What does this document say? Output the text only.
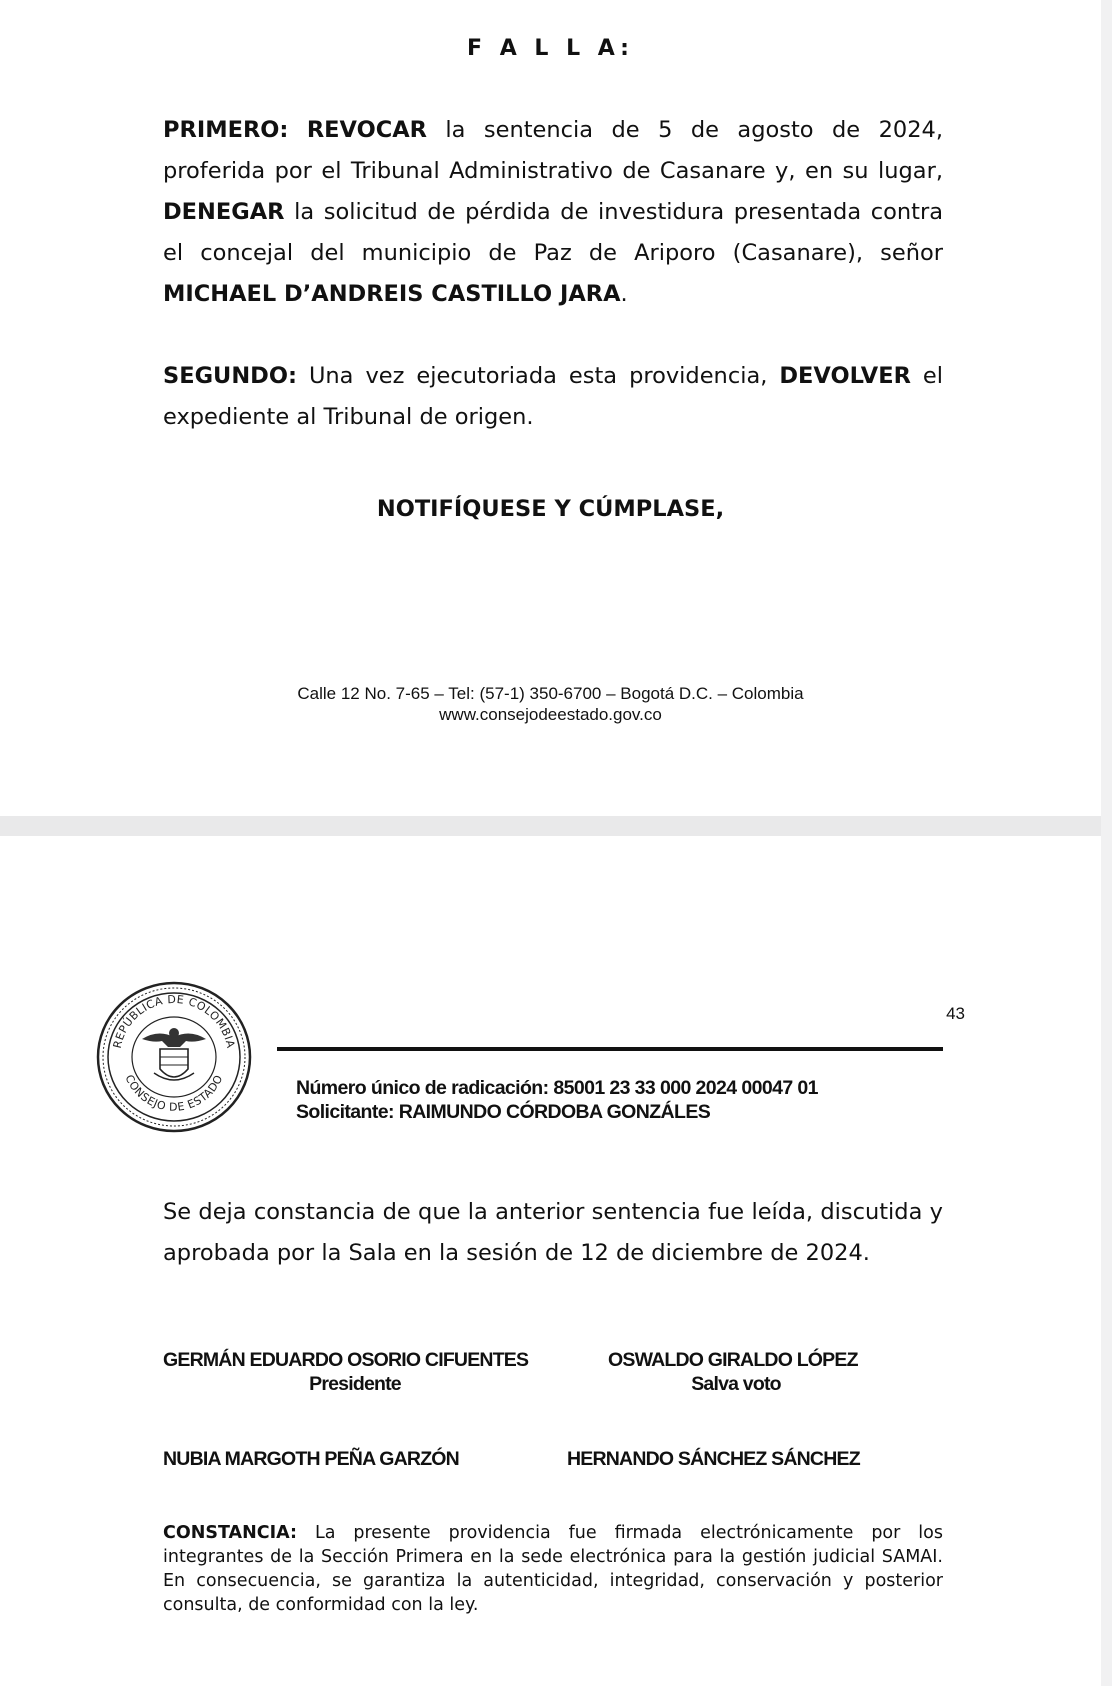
F A L L A:
PRIMERO: REVOCAR la sentencia de 5 de agosto de 2024, proferida por el Tribunal Administrativo de Casanare y, en su lugar, DENEGAR la solicitud de pérdida de investidura presentada contra el concejal del municipio de Paz de Ariporo (Casanare), señor MICHAEL D’ANDREIS CASTILLO JARA.
SEGUNDO: Una vez ejecutoriada esta providencia, DEVOLVER el expediente al Tribunal de origen.
NOTIFÍQUESE Y CÚMPLASE,
Calle 12 No. 7-65 – Tel: (57-1) 350-6700 – Bogotá D.C. – Colombia
www.consejodeestado.gov.co
REPÚBLICA DE COLOMBIA
CONSEJO DE ESTADO
43
Número único de radicación: 85001 23 33 000 2024 00047 01
Solicitante: RAIMUNDO CÓRDOBA GONZÁLES
Se deja constancia de que la anterior sentencia fue leída, discutida y aprobada por la Sala en la sesión de 12 de diciembre de 2024.
GERMÁN EDUARDO OSORIO CIFUENTES
Presidente
OSWALDO GIRALDO LÓPEZ
Salva voto
NUBIA MARGOTH PEÑA GARZÓN	HERNANDO SÁNCHEZ SÁNCHEZ
CONSTANCIA: La presente providencia fue firmada electrónicamente por los integrantes de la Sección Primera en la sede electrónica para la gestión judicial SAMAI. En consecuencia, se garantiza la autenticidad, integridad, conservación y posterior consulta, de conformidad con la ley.
